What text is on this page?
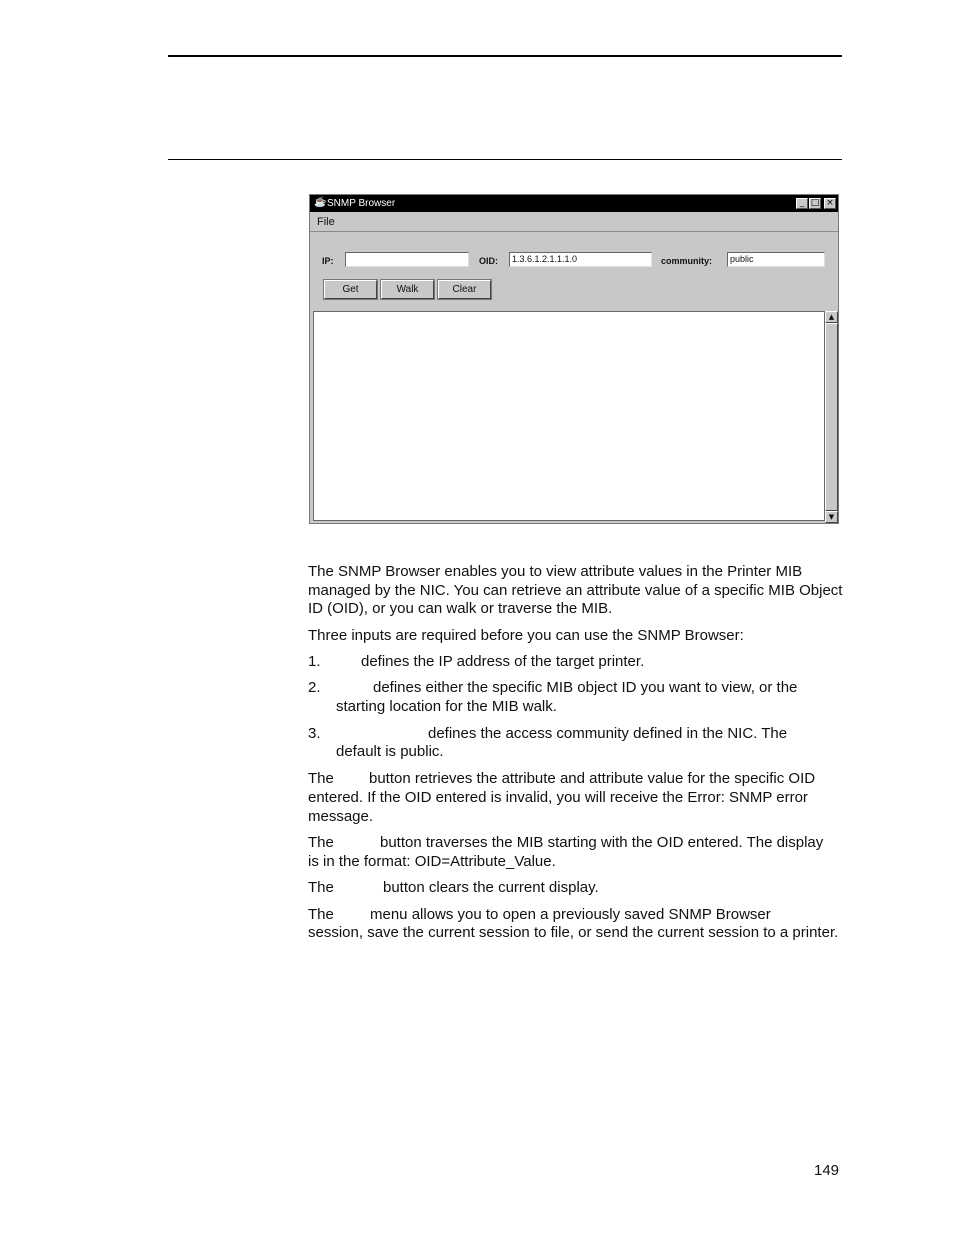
☕ SNMP Browser	_ □ ×
File
IP:	OID:	1.3.6.1.2.1.1.1.0	community:	public
Get	Walk	Clear
▲
▼

The SNMP Browser enables you to view attribute values in the Printer MIB managed by the NIC. You can retrieve an attribute value of a specific MIB Object ID (OID), or you can walk or traverse the MIB.

Three inputs are required before you can use the SNMP Browser:

1.	defines the IP address of the target printer.
2.	defines either the specific MIB object ID you want to view, or the
starting location for the MIB walk.
3.	defines the access community defined in the NIC. The
default is public.
The button retrieves the attribute and attribute value for the specific OID

entered. If the OID entered is invalid, you will receive the Error: SNMP error message.

The	button traverses the MIB starting with the OID entered. The display

is in the format: OID=Attribute_Value.

The	button clears the current display.
The menu allows you to open a previously saved SNMP Browser

session, save the current session to file, or send the current session to a printer.

149
